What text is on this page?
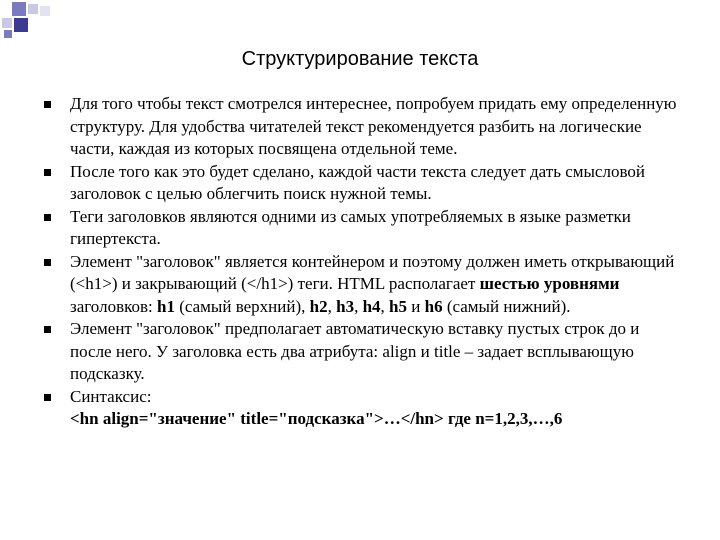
Структурирование текста
Для того чтобы текст смотрелся интереснее, попробуем придать ему определенную структуру. Для удобства читателей текст рекомендуется разбить на логические части, каждая из которых посвящена отдельной теме.
После того как это будет сделано, каждой части текста следует дать смысловой заголовок с целью облегчить поиск нужной темы.
Теги заголовков являются одними из самых употребляемых в языке разметки гипертекста.
Элемент "заголовок" является контейнером и поэтому должен иметь открывающий (<h1>) и закрывающий (</h1>) теги. HTML располагает шестью уровнями заголовков: h1 (самый верхний), h2, h3, h4, h5 и h6 (самый нижний).
Элемент "заголовок" предполагает автоматическую вставку пустых строк до и после него. У заголовка есть два атрибута: align и title – задает всплывающую подсказку.
Синтаксис:
<hn align="значение" title="подсказка">…</hn> где n=1,2,3,…,6
